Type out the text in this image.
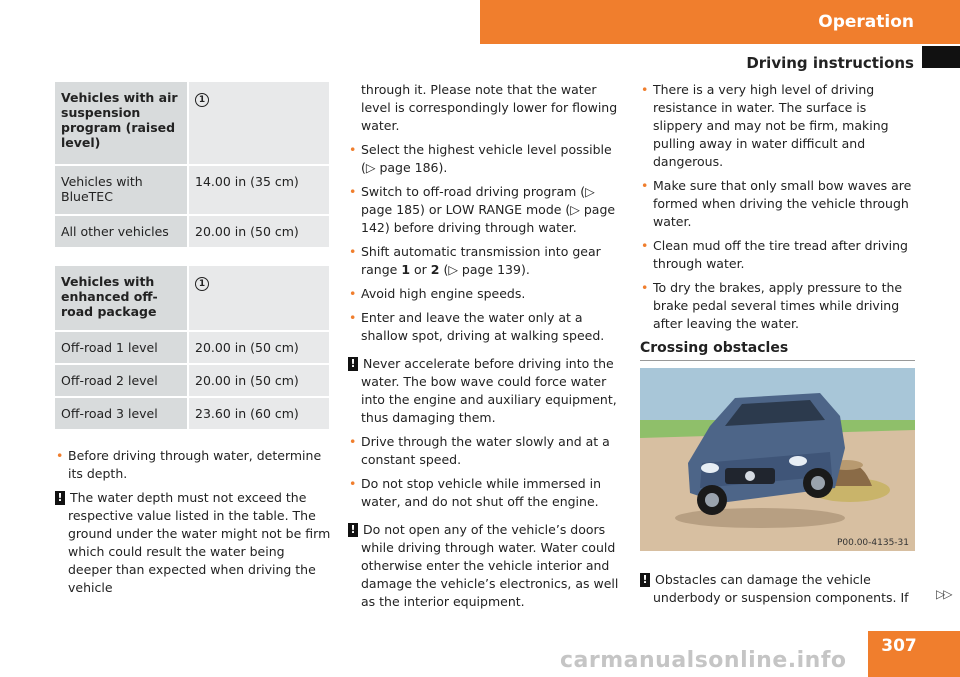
Operation
Driving instructions
Vehicles with air suspension program (raised level)	1
Vehicles with BlueTEC	14.00 in (35 cm)
All other vehicles	20.00 in (50 cm)
Vehicles with enhanced off-road package	1
Off-road 1 level	20.00 in (50 cm)
Off-road 2 level	20.00 in (50 cm)
Off-road 3 level	23.60 in (60 cm)

• Before driving through water, determine its depth.

! The water depth must not exceed the respective value listed in the table. The ground under the water might not be firm which could result the water being deeper than expected when driving the vehicle

through it. Please note that the water level is correspondingly lower for flowing water.

• Select the highest vehicle level possible (▷ page 186).

• Switch to off-road driving program (▷ page 185) or LOW RANGE mode (▷ page 142) before driving through water.

• Shift automatic transmission into gear range 1 or 2 (▷ page 139).

• Avoid high engine speeds.

• Enter and leave the water only at a shallow spot, driving at walking speed.

! Never accelerate before driving into the water. The bow wave could force water into the engine and auxiliary equipment, thus damaging them.

• Drive through the water slowly and at a constant speed.

• Do not stop vehicle while immersed in water, and do not shut off the engine.

! Do not open any of the vehicle’s doors while driving through water. Water could otherwise enter the vehicle interior and damage the vehicle’s electronics, as well as the interior equipment.

• There is a very high level of driving resistance in water. The surface is slippery and may not be firm, making pulling away in water difficult and dangerous.

• Make sure that only small bow waves are formed when driving the vehicle through water.

• Clean mud off the tire tread after driving through water.

• To dry the brakes, apply pressure to the brake pedal several times while driving after leaving the water.

Crossing obstacles
P00.00-4135-31

! Obstacles can damage the vehicle underbody or suspension components. If	▷▷
307
carmanualsonline.info
